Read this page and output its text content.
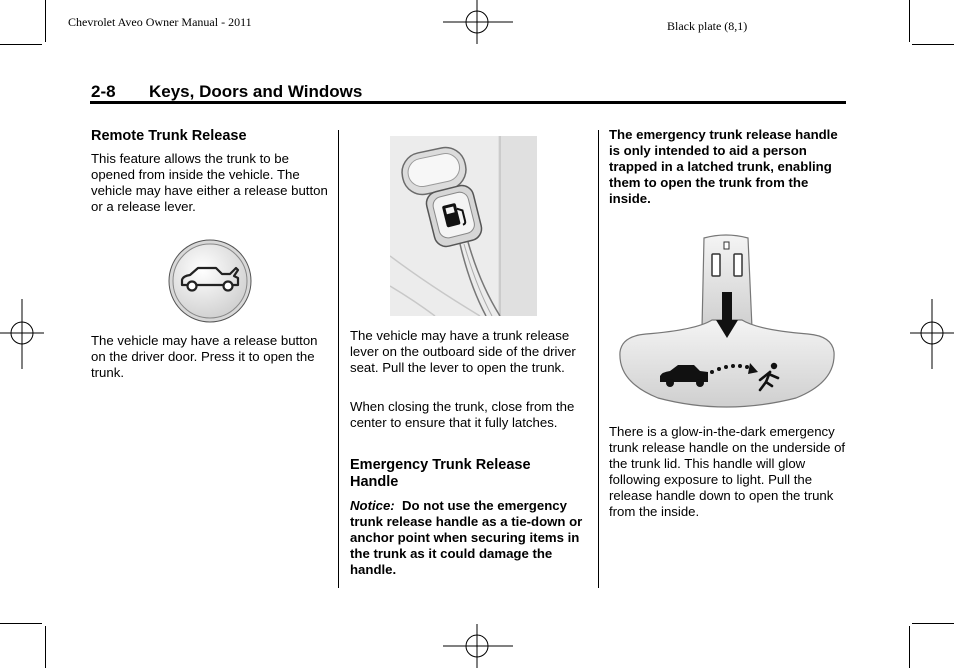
Chevrolet Aveo Owner Manual - 2011	Black plate (8,1)
2-8 Keys, Doors and Windows
Remote Trunk Release
This feature allows the trunk to be opened from inside the vehicle. The vehicle may have either a release button or a release lever.
The vehicle may have a release button on the driver door. Press it to open the trunk.
The vehicle may have a trunk release lever on the outboard side of the driver seat. Pull the lever to open the trunk.
When closing the trunk, close from the center to ensure that it fully latches.
Emergency Trunk Release Handle
Notice: Do not use the emergency trunk release handle as a tie-down or anchor point when securing items in the trunk as it could damage the handle.
The emergency trunk release handle is only intended to aid a person trapped in a latched trunk, enabling them to open the trunk from the inside.
There is a glow-in-the-dark emergency trunk release handle on the underside of the trunk lid. This handle will glow following exposure to light. Pull the release handle down to open the trunk from the inside.
